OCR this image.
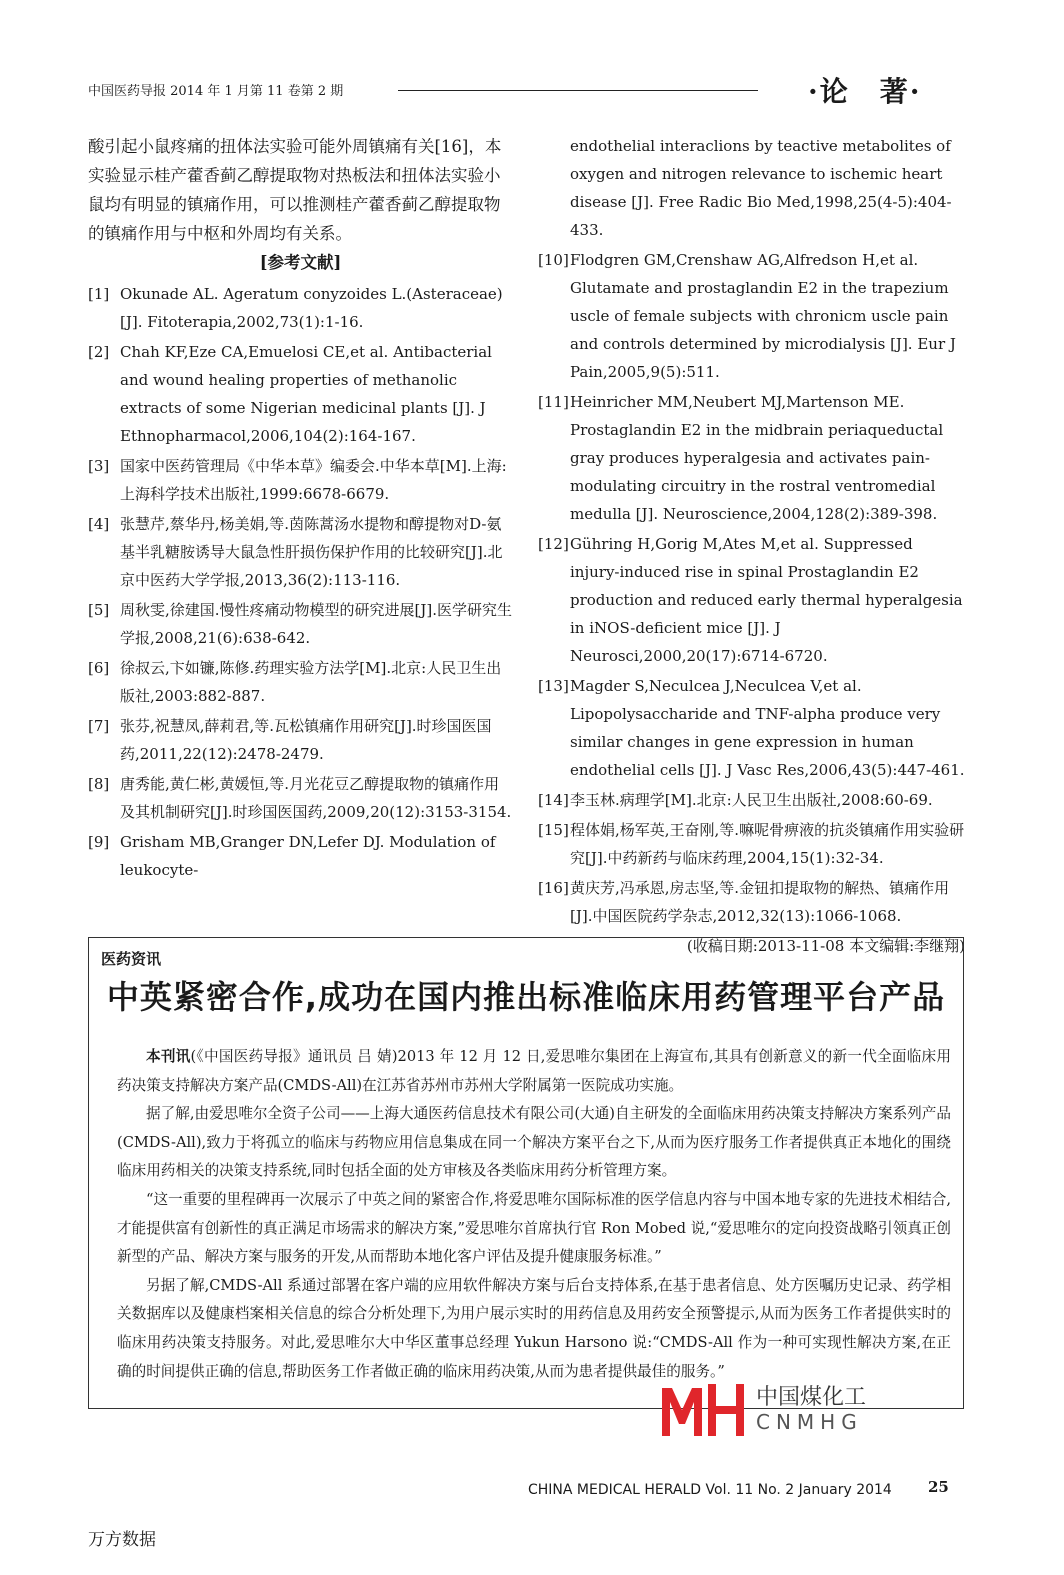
中国医药导报 2014 年 1 月第 11 卷第 2 期	·论　著·

酸引起小鼠疼痛的扭体法实验可能外周镇痛有关[16]，本实验显示桂产藿香蓟乙醇提取物对热板法和扭体法实验小鼠均有明显的镇痛作用，可以推测桂产藿香蓟乙醇提取物的镇痛作用与中枢和外周均有关系。

[参考文献]
[1] Okunade AL. Ageratum conyzoides L.(Asteraceae) [J]. Fitoterapia,2002,73(1):1-16.
[2] Chah KF,Eze CA,Emuelosi CE,et al. Antibacterial and wound healing properties of methanolic extracts of some Nigerian medicinal plants [J]. J Ethnopharmacol,2006,104(2):164-167.
[3] 国家中医药管理局《中华本草》编委会.中华本草[M].上海:上海科学技术出版社,1999:6678-6679.
[4] 张慧芹,蔡华丹,杨美娟,等.茵陈蒿汤水提物和醇提物对D-氨基半乳糖胺诱导大鼠急性肝损伤保护作用的比较研究[J].北京中医药大学学报,2013,36(2):113-116.
[5] 周秋雯,徐建国.慢性疼痛动物模型的研究进展[J].医学研究生学报,2008,21(6):638-642.
[6] 徐叔云,卞如镰,陈修.药理实验方法学[M].北京:人民卫生出版社,2003:882-887.
[7] 张芬,祝慧凤,薛莉君,等.瓦松镇痛作用研究[J].时珍国医国药,2011,22(12):2478-2479.
[8] 唐秀能,黄仁彬,黄媛恒,等.月光花豆乙醇提取物的镇痛作用及其机制研究[J].时珍国医国药,2009,20(12):3153-3154.
[9] Grisham MB,Granger DN,Lefer DJ. Modulation of leukocyte-
endothelial interaclions by teactive metabolites of oxygen and nitrogen relevance to ischemic heart disease [J]. Free Radic Bio Med,1998,25(4-5):404-433.
[10] Flodgren GM,Crenshaw AG,Alfredson H,et al. Glutamate and prostaglandin E2 in the trapezium uscle of female subjects with chronicm uscle pain and controls determined by microdialysis [J]. Eur J Pain,2005,9(5):511.
[11] Heinricher MM,Neubert MJ,Martenson ME. Prostaglandin E2 in the midbrain periaqueductal gray produces hyperalgesia and activates pain-modulating circuitry in the rostral ventromedial medulla [J]. Neuroscience,2004,128(2):389-398.
[12] Gühring H,Gorig M,Ates M,et al. Suppressed injury-induced rise in spinal Prostaglandin E2 production and reduced early thermal hyperalgesia in iNOS-deficient mice [J]. J Neurosci,2000,20(17):6714-6720.
[13] Magder S,Neculcea J,Neculcea V,et al. Lipopolysaccharide and TNF-alpha produce very similar changes in gene expression in human endothelial cells [J]. J Vasc Res,2006,43(5):447-461.
[14] 李玉林.病理学[M].北京:人民卫生出版社,2008:60-69.
[15] 程体娟,杨军英,王奋刚,等.嘛呢骨痹液的抗炎镇痛作用实验研究[J].中药新药与临床药理,2004,15(1):32-34.
[16] 黄庆芳,冯承恩,房志坚,等.金钮扣提取物的解热、镇痛作用[J].中国医院药学杂志,2012,32(13):1066-1068.
(收稿日期:2013-11-08 本文编辑:李继翔)
医药资讯
中英紧密合作,成功在国内推出标准临床用药管理平台产品

本刊讯(《中国医药导报》通讯员 吕 婧)2013 年 12 月 12 日,爱思唯尔集团在上海宣布,其具有创新意义的新一代全面临床用药决策支持解决方案产品(CMDS-All)在江苏省苏州市苏州大学附属第一医院成功实施。

据了解,由爱思唯尔全资子公司——上海大通医药信息技术有限公司(大通)自主研发的全面临床用药决策支持解决方案系列产品(CMDS-All),致力于将孤立的临床与药物应用信息集成在同一个解决方案平台之下,从而为医疗服务工作者提供真正本地化的围绕临床用药相关的决策支持系统,同时包括全面的处方审核及各类临床用药分析管理方案。

“这一重要的里程碑再一次展示了中英之间的紧密合作,将爱思唯尔国际标准的医学信息内容与中国本地专家的先进技术相结合,才能提供富有创新性的真正满足市场需求的解决方案,”爱思唯尔首席执行官 Ron Mobed 说,“爱思唯尔的定向投资战略引领真正创新型的产品、解决方案与服务的开发,从而帮助本地化客户评估及提升健康服务标准。”

另据了解,CMDS-All 系通过部署在客户端的应用软件解决方案与后台支持体系,在基于患者信息、处方医嘱历史记录、药学相关数据库以及健康档案相关信息的综合分析处理下,为用户展示实时的用药信息及用药安全预警提示,从而为医务工作者提供实时的临床用药决策支持服务。对此,爱思唯尔大中华区董事总经理 Yukun Harsono 说:“CMDS-All 作为一种可实现性解决方案,在正确的时间提供正确的信息,帮助医务工作者做正确的临床用药决策,从而为患者提供最佳的服务。”

中国煤化工
CNMHG
CHINA MEDICAL HERALD Vol. 11 No. 2 January 2014 25
万方数据
